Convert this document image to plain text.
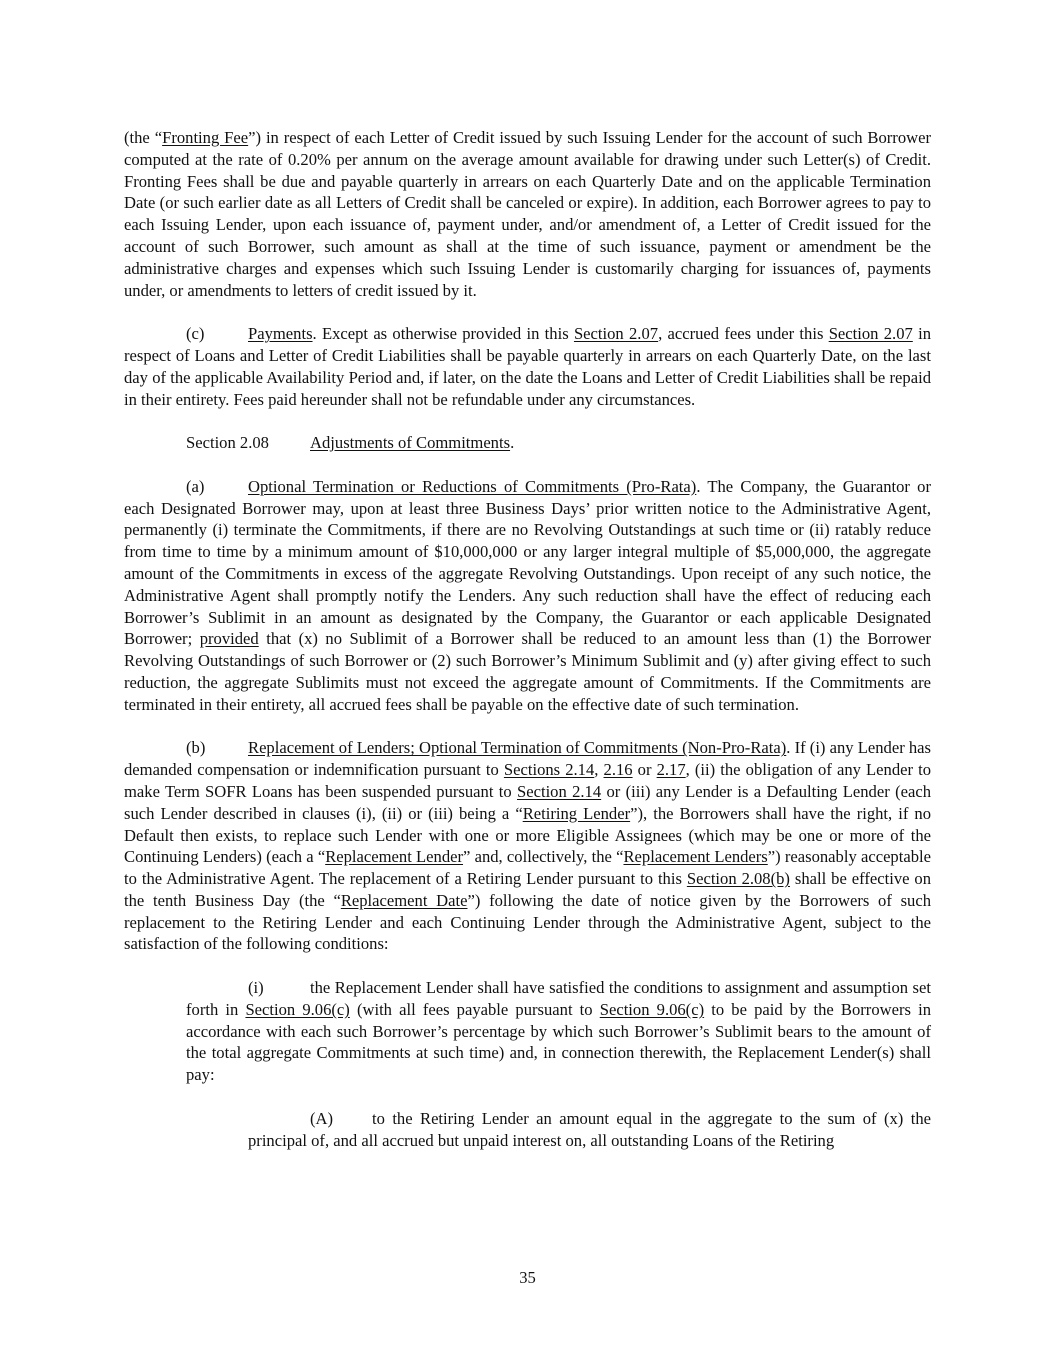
(the “Fronting Fee”) in respect of each Letter of Credit issued by such Issuing Lender for the account of such Borrower computed at the rate of 0.20% per annum on the average amount available for drawing under such Letter(s) of Credit. Fronting Fees shall be due and payable quarterly in arrears on each Quarterly Date and on the applicable Termination Date (or such earlier date as all Letters of Credit shall be canceled or expire). In addition, each Borrower agrees to pay to each Issuing Lender, upon each issuance of, payment under, and/or amendment of, a Letter of Credit issued for the account of such Borrower, such amount as shall at the time of such issuance, payment or amendment be the administrative charges and expenses which such Issuing Lender is customarily charging for issuances of, payments under, or amendments to letters of credit issued by it.

(c)	Payments. Except as otherwise provided in this Section 2.07, accrued fees under this Section 2.07 in respect of Loans and Letter of Credit Liabilities shall be payable quarterly in arrears on each Quarterly Date, on the last day of the applicable Availability Period and, if later, on the date the Loans and Letter of Credit Liabilities shall be repaid in their entirety. Fees paid hereunder shall not be refundable under any circumstances.

Section 2.08 Adjustments of Commitments.

(a)	Optional Termination or Reductions of Commitments (Pro-Rata). The Company, the Guarantor or each Designated Borrower may, upon at least three Business Days’ prior written notice to the Administrative Agent, permanently (i) terminate the Commitments, if there are no Revolving Outstandings at such time or (ii) ratably reduce from time to time by a minimum amount of $10,000,000 or any larger integral multiple of $5,000,000, the aggregate amount of the Commitments in excess of the aggregate Revolving Outstandings. Upon receipt of any such notice, the Administrative Agent shall promptly notify the Lenders. Any such reduction shall have the effect of reducing each Borrower’s Sublimit in an amount as designated by the Company, the Guarantor or each applicable Designated Borrower; provided that (x) no Sublimit of a Borrower shall be reduced to an amount less than (1) the Borrower Revolving Outstandings of such Borrower or (2) such Borrower’s Minimum Sublimit and (y) after giving effect to such reduction, the aggregate Sublimits must not exceed the aggregate amount of Commitments. If the Commitments are terminated in their entirety, all accrued fees shall be payable on the effective date of such termination.

(b)	Replacement of Lenders; Optional Termination of Commitments (Non-Pro-Rata). If (i) any Lender has demanded compensation or indemnification pursuant to Sections 2.14, 2.16 or 2.17, (ii) the obligation of any Lender to make Term SOFR Loans has been suspended pursuant to Section 2.14 or (iii) any Lender is a Defaulting Lender (each such Lender described in clauses (i), (ii) or (iii) being a “Retiring Lender”), the Borrowers shall have the right, if no Default then exists, to replace such Lender with one or more Eligible Assignees (which may be one or more of the Continuing Lenders) (each a “Replacement Lender” and, collectively, the “Replacement Lenders”) reasonably acceptable to the Administrative Agent. The replacement of a Retiring Lender pursuant to this Section 2.08(b) shall be effective on the tenth Business Day (the “Replacement Date”) following the date of notice given by the Borrowers of such replacement to the Retiring Lender and each Continuing Lender through the Administrative Agent, subject to the satisfaction of the following conditions:

(i)	the Replacement Lender shall have satisfied the conditions to assignment and assumption set forth in Section 9.06(c) (with all fees payable pursuant to Section 9.06(c) to be paid by the Borrowers in accordance with each such Borrower’s percentage by which such Borrower’s Sublimit bears to the amount of the total aggregate Commitments at such time) and, in connection therewith, the Replacement Lender(s) shall pay:

(A) to the Retiring Lender an amount equal in the aggregate to the sum of (x) the principal of, and all accrued but unpaid interest on, all outstanding Loans of the Retiring

35
